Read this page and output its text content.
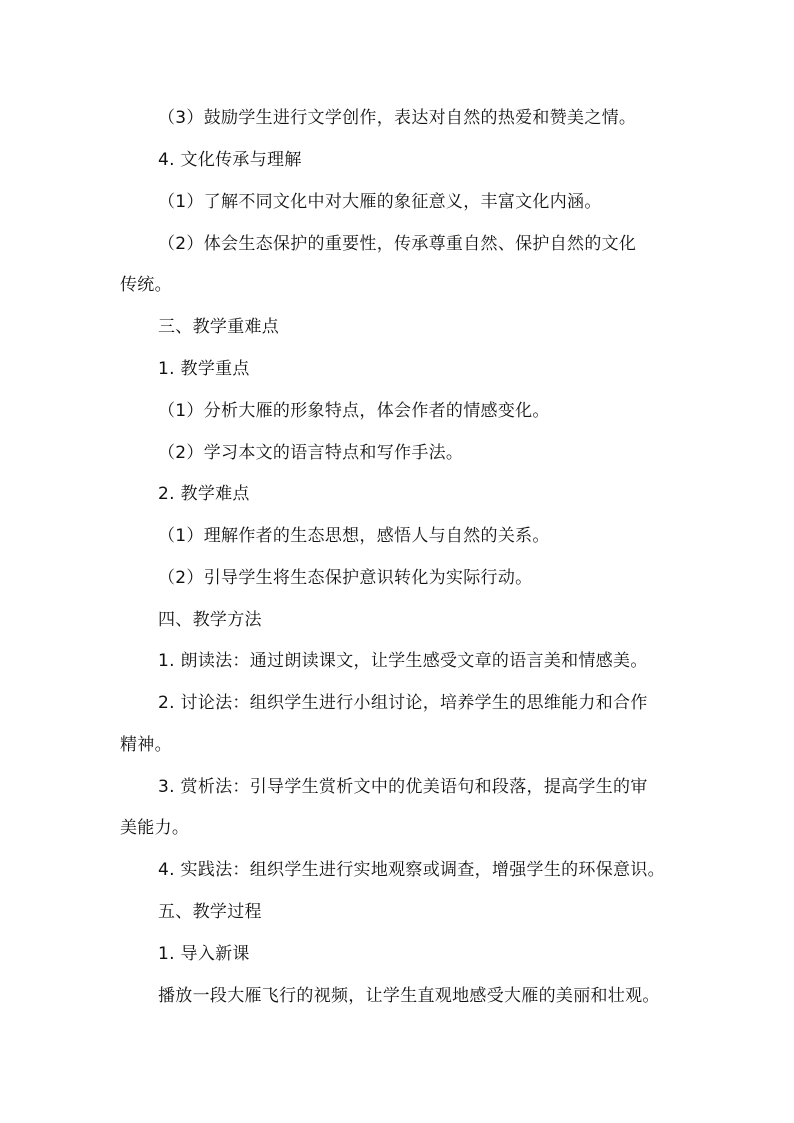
（3）鼓励学生进行文学创作，表达对自然的热爱和赞美之情。

4. 文化传承与理解

（1）了解不同文化中对大雁的象征意义，丰富文化内涵。

（2）体会生态保护的重要性，传承尊重自然、保护自然的文化

传统。

三、教学重难点

1. 教学重点

（1）分析大雁的形象特点，体会作者的情感变化。

（2）学习本文的语言特点和写作手法。

2. 教学难点

（1）理解作者的生态思想，感悟人与自然的关系。

（2）引导学生将生态保护意识转化为实际行动。

四、教学方法

1. 朗读法：通过朗读课文，让学生感受文章的语言美和情感美。

2. 讨论法：组织学生进行小组讨论，培养学生的思维能力和合作

精神。

3. 赏析法：引导学生赏析文中的优美语句和段落，提高学生的审

美能力。

4. 实践法：组织学生进行实地观察或调查，增强学生的环保意识。

五、教学过程

1. 导入新课

播放一段大雁飞行的视频，让学生直观地感受大雁的美丽和壮观。
